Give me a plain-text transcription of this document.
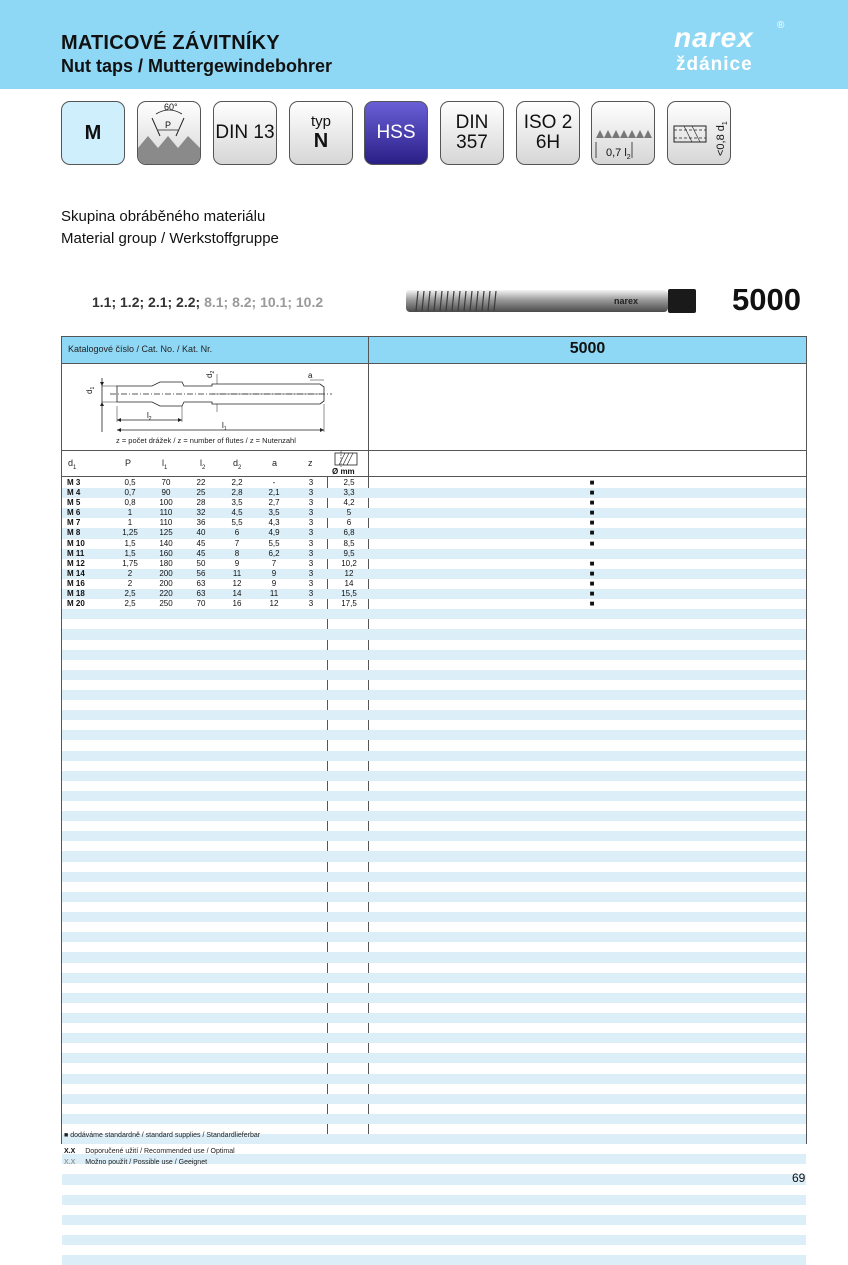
MATICOVÉ ZÁVITNÍKY
Nut taps / Muttergewindebohrer
narex
ždánice
®
M
60°
P DIN 13
typ
N	HSS DIN
357
ISO 2
6H	0,7 $l_2$
<0,8 $d_1$
Skupina obráběného materiálu
Material group / Werkstoffgruppe
1.1; 1.2; 2.1; 2.2; 8.1; 8.2; 10.1; 10.2	narex	5000
Katalogové číslo / Cat. No. / Kat. Nr.	5000
$d_1$
$d_2$
$l_2$
$l_1$
a
z = počet drážek / z = number of flutes / z = Nutenzahl
$d_1$	P	$l_1$	$l_2$	$d_2$	a	z
Ø mm
M 3	0,5	70	22	2,2	-	3	2,5	■
M 4	0,7	90	25	2,8	2,1	3	3,3	■
M 5	0,8	100	28	3,5	2,7	3	4,2	■
M 6	1	110	32	4,5	3,5	3	5	■
M 7	1	110	36	5,5	4,3	3	6	■
M 8	1,25	125	40	6	4,9	3	6,8	■
M 10	1,5	140	45	7	5,5	3	8,5	■
M 11	1,5	160	45	8	6,2	3	9,5
M 12	1,75	180	50	9	7	3	10,2	■
M 14	2	200	56	11	9	3	12	■
M 16	2	200	63	12	9	3	14	■
M 18	2,5	220	63	14	11	3	15,5	■
M 20	2,5	250	70	16	12	3	17,5	■
■ dodáváme standardně / standard supplies / Standardlieferbar
X.X Doporučené užití / Recommended use / Optimal
X.X Možno použít / Possible use / Geeignet
69
